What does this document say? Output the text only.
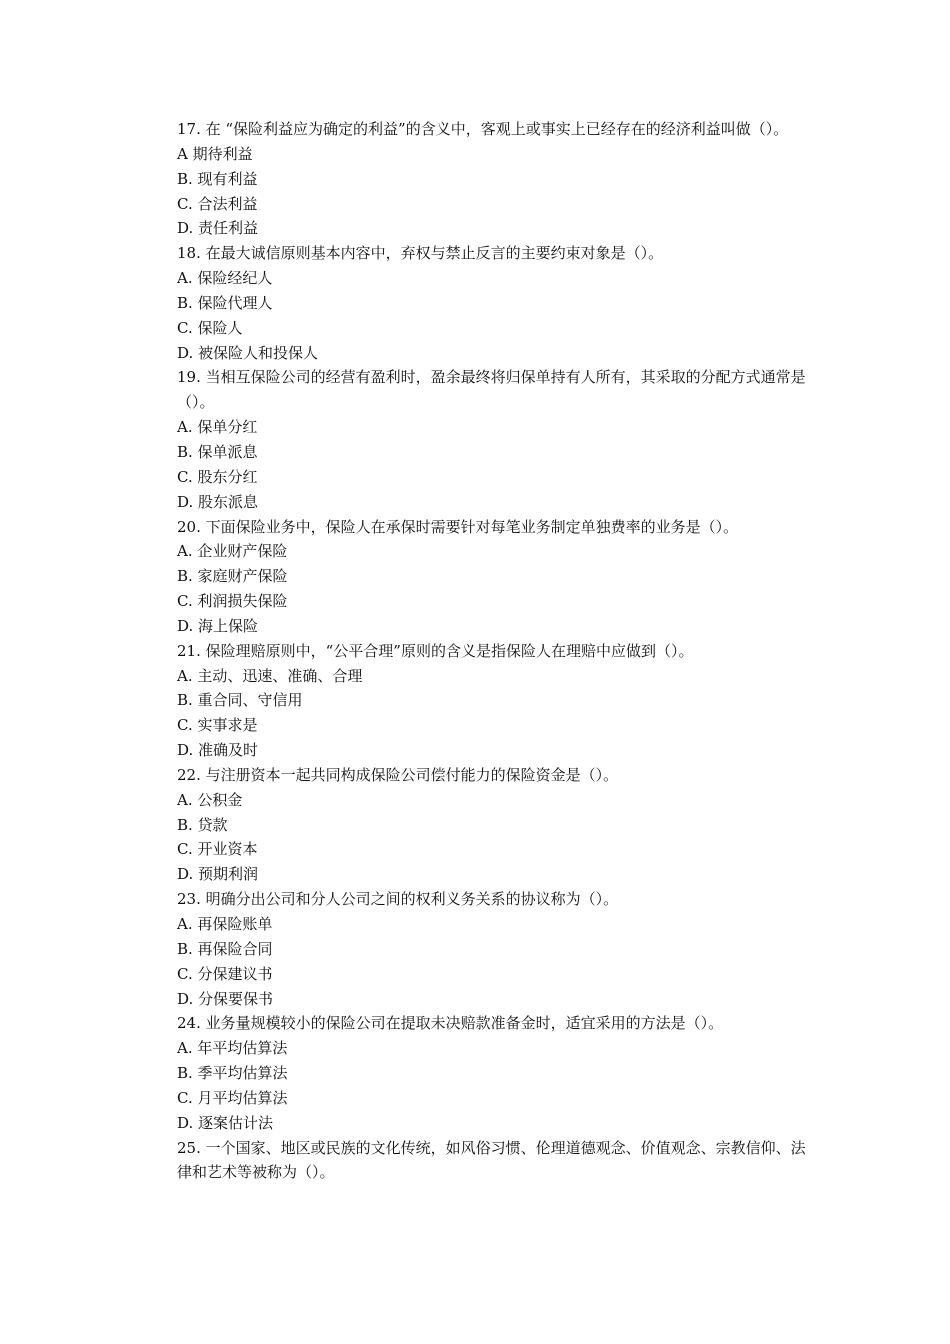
17. 在 “保险利益应为确定的利益”的含义中，客观上或事实上已经存在的经济利益叫做（）。
A 期待利益
B. 现有利益
C. 合法利益
D. 责任利益
18. 在最大诚信原则基本内容中，弃权与禁止反言的主要约束对象是（）。
A. 保险经纪人
B. 保险代理人
C. 保险人
D. 被保险人和投保人
19. 当相互保险公司的经营有盈利时，盈余最终将归保单持有人所有，其采取的分配方式通常是（）。
A. 保单分红
B. 保单派息
C. 股东分红
D. 股东派息
20. 下面保险业务中，保险人在承保时需要针对每笔业务制定单独费率的业务是（）。
A. 企业财产保险
B. 家庭财产保险
C. 利润损失保险
D. 海上保险
21. 保险理赔原则中，“公平合理”原则的含义是指保险人在理赔中应做到（）。
A. 主动、迅速、准确、合理
B. 重合同、守信用
C. 实事求是
D. 准确及时
22. 与注册资本一起共同构成保险公司偿付能力的保险资金是（）。
A. 公积金
B. 贷款
C. 开业资本
D. 预期利润
23. 明确分出公司和分人公司之间的权利义务关系的协议称为（）。
A. 再保险账单
B. 再保险合同
C. 分保建议书
D. 分保要保书
24. 业务量规模较小的保险公司在提取未决赔款准备金时，适宜采用的方法是（）。
A. 年平均估算法
B. 季平均估算法
C. 月平均估算法
D. 逐案估计法
25. 一个国家、地区或民族的文化传统，如风俗习惯、伦理道德观念、价值观念、宗教信仰、法律和艺术等被称为（）。
